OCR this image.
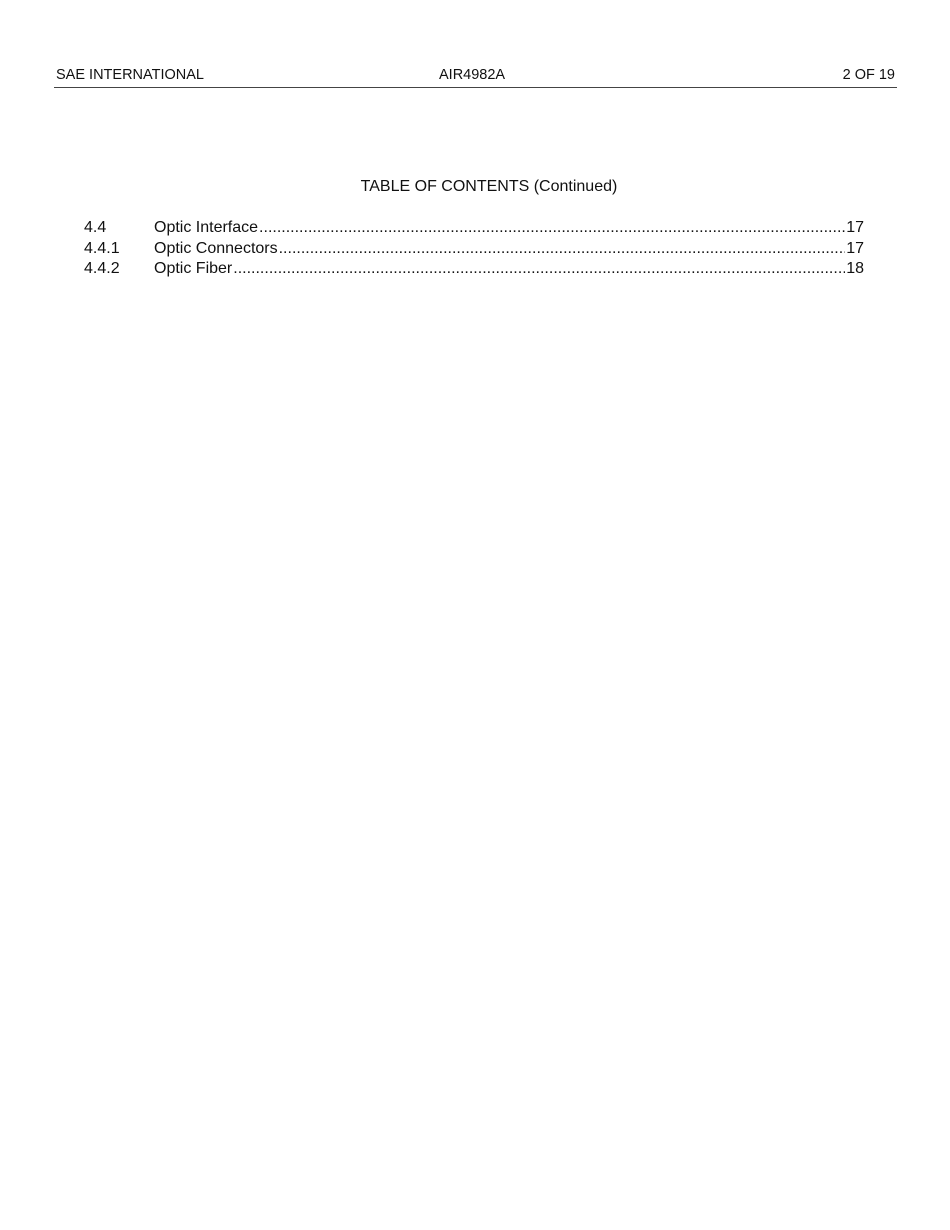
SAE INTERNATIONAL	AIR4982A	2 OF 19
TABLE OF CONTENTS (Continued)
4.4	Optic Interface .....	17
4.4.1	Optic Connectors .....	17
4.4.2	Optic Fiber .....	18
